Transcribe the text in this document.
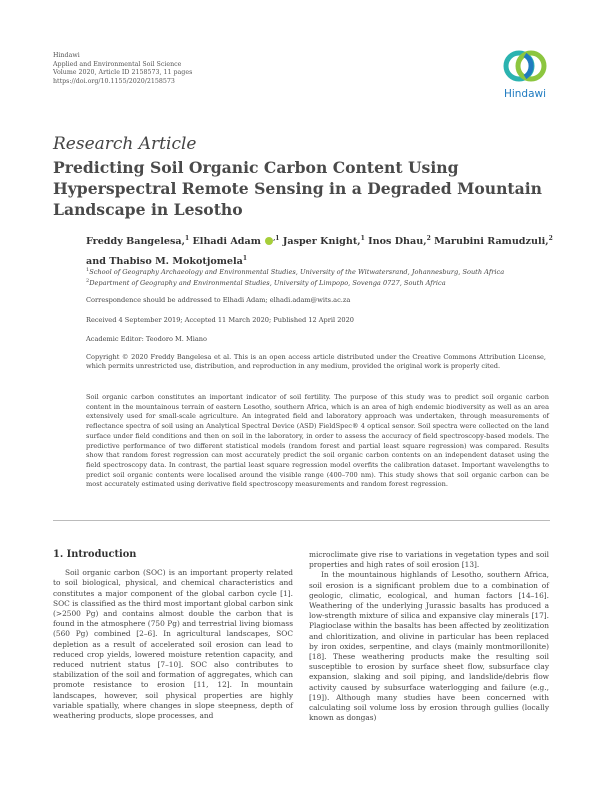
Hindawi
Applied and Environmental Soil Science
Volume 2020, Article ID 2158573, 11 pages
https://doi.org/10.1155/2020/2158573
Hindawi
Research Article
Predicting Soil Organic Carbon Content Using Hyperspectral Remote Sensing in a Degraded Mountain Landscape in Lesotho
Freddy Bangelesa,$^1$ Elhadi Adam $^{,1}$ Jasper Knight,$^1$ Inos Dhau,$^2$ Marubini Ramudzuli,$^2$
and Thabiso M. Mokotjomela$^1$
$^1$School of Geography Archaeology and Environmental Studies, University of the Witwatersrand, Johannesburg, South Africa
$^2$Department of Geography and Environmental Studies, University of Limpopo, Sovenga 0727, South Africa
Correspondence should be addressed to Elhadi Adam; elhadi.adam@wits.ac.za
Received 4 September 2019; Accepted 11 March 2020; Published 12 April 2020
Academic Editor: Teodoro M. Miano
Copyright © 2020 Freddy Bangelesa et al. This is an open access article distributed under the Creative Commons Attribution License, which permits unrestricted use, distribution, and reproduction in any medium, provided the original work is properly cited.
Soil organic carbon constitutes an important indicator of soil fertility. The purpose of this study was to predict soil organic carbon content in the mountainous terrain of eastern Lesotho, southern Africa, which is an area of high endemic biodiversity as well as an area extensively used for small-scale agriculture. An integrated field and laboratory approach was undertaken, through measurements of reflectance spectra of soil using an Analytical Spectral Device (ASD) FieldSpec® 4 optical sensor. Soil spectra were collected on the land surface under field conditions and then on soil in the laboratory, in order to assess the accuracy of field spectroscopy-based models. The predictive performance of two different statistical models (random forest and partial least square regression) was compared. Results show that random forest regression can most accurately predict the soil organic carbon contents on an independent dataset using the field spectroscopy data. In contrast, the partial least square regression model overfits the calibration dataset. Important wavelengths to predict soil organic contents were localised around the visible range (400–700 nm). This study shows that soil organic carbon can be most accurately estimated using derivative field spectroscopy measurements and random forest regression.
1. Introduction

Soil organic carbon (SOC) is an important property related to soil biological, physical, and chemical characteristics and constitutes a major component of the global carbon cycle [1]. SOC is classified as the third most important global carbon sink (>2500 Pg) and contains almost double the carbon that is found in the atmosphere (750 Pg) and terrestrial living biomass (560 Pg) combined [2–6]. In agricultural landscapes, SOC depletion as a result of accelerated soil erosion can lead to reduced crop yields, lowered moisture retention capacity, and reduced nutrient status [7–10]. SOC also contributes to stabilization of the soil and formation of aggregates, which can promote resistance to erosion [11, 12]. In mountain landscapes, however, soil physical properties are highly variable spatially, where changes in slope steepness, depth of weathering products, slope processes, and

microclimate give rise to variations in vegetation types and soil properties and high rates of soil erosion [13].

In the mountainous highlands of Lesotho, southern Africa, soil erosion is a significant problem due to a combination of geologic, climatic, ecological, and human factors [14–16]. Weathering of the underlying Jurassic basalts has produced a low-strength mixture of silica and expansive clay minerals [17]. Plagioclase within the basalts has been affected by zeolitization and chloritization, and olivine in particular has been replaced by iron oxides, serpentine, and clays (mainly montmorillonite) [18]. These weathering products make the resulting soil susceptible to erosion by surface sheet flow, subsurface clay expansion, slaking and soil piping, and landslide/debris flow activity caused by subsurface waterlogging and failure (e.g., [19]). Although many studies have been concerned with calculating soil volume loss by erosion through gullies (locally known as dongas)
